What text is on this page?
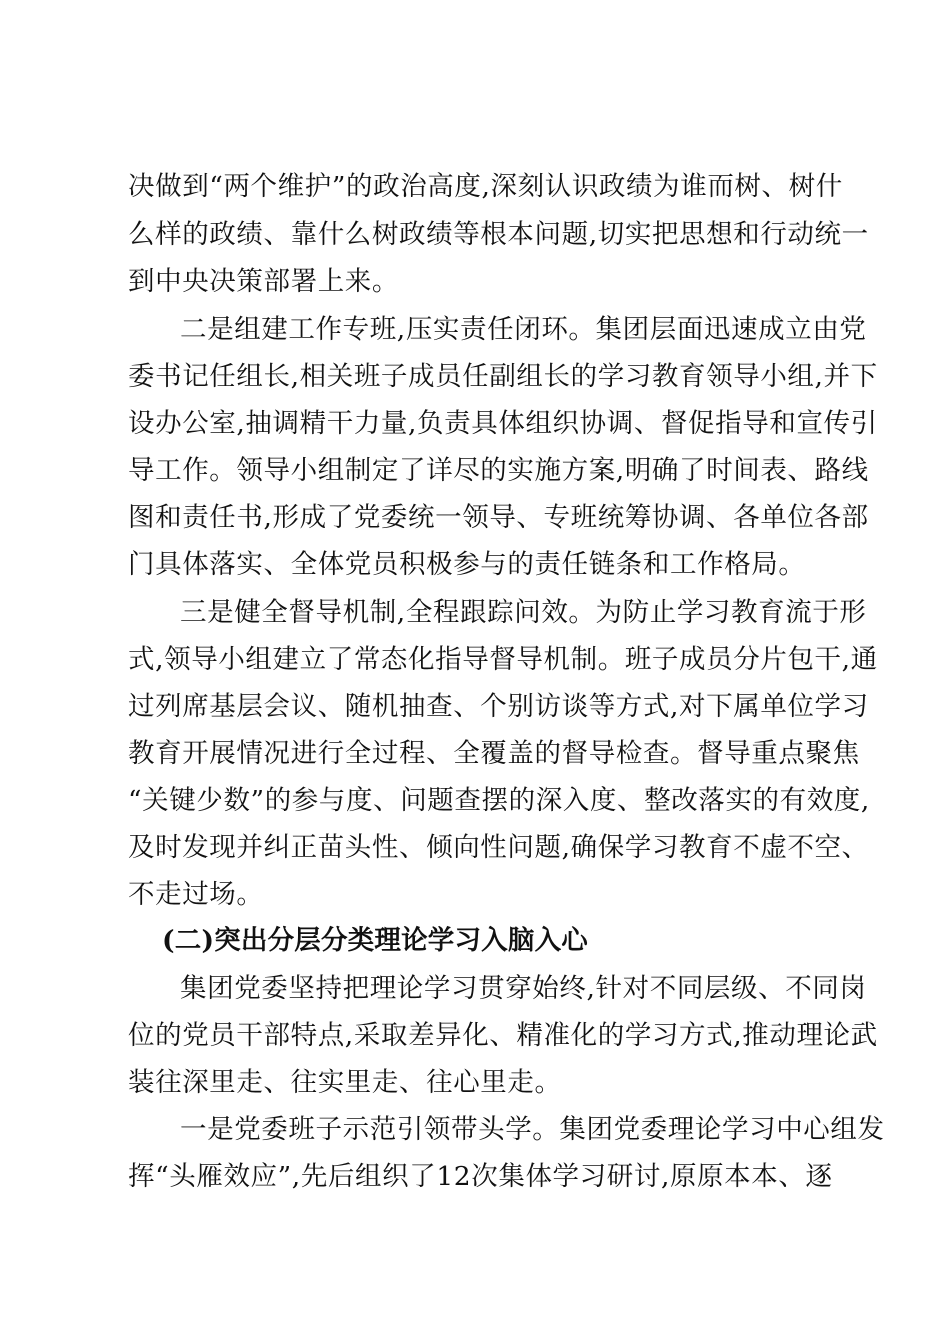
决做到“两个维护”的政治高度,深刻认识政绩为谁而树、树什
么样的政绩、靠什么树政绩等根本问题,切实把思想和行动统一
到中央决策部署上来。
二是组建工作专班,压实责任闭环。集团层面迅速成立由党
委书记任组长,相关班子成员任副组长的学习教育领导小组,并下
设办公室,抽调精干力量,负责具体组织协调、督促指导和宣传引
导工作。领导小组制定了详尽的实施方案,明确了时间表、路线
图和责任书,形成了党委统一领导、专班统筹协调、各单位各部
门具体落实、全体党员积极参与的责任链条和工作格局。
三是健全督导机制,全程跟踪问效。为防止学习教育流于形
式,领导小组建立了常态化指导督导机制。班子成员分片包干,通
过列席基层会议、随机抽查、个别访谈等方式,对下属单位学习
教育开展情况进行全过程、全覆盖的督导检查。督导重点聚焦
“关键少数”的参与度、问题查摆的深入度、整改落实的有效度,
及时发现并纠正苗头性、倾向性问题,确保学习教育不虚不空、
不走过场。
(二)突出分层分类理论学习入脑入心
集团党委坚持把理论学习贯穿始终,针对不同层级、不同岗
位的党员干部特点,采取差异化、精准化的学习方式,推动理论武
装往深里走、往实里走、往心里走。
一是党委班子示范引领带头学。集团党委理论学习中心组发
挥“头雁效应”,先后组织了12次集体学习研讨,原原本本、逐
